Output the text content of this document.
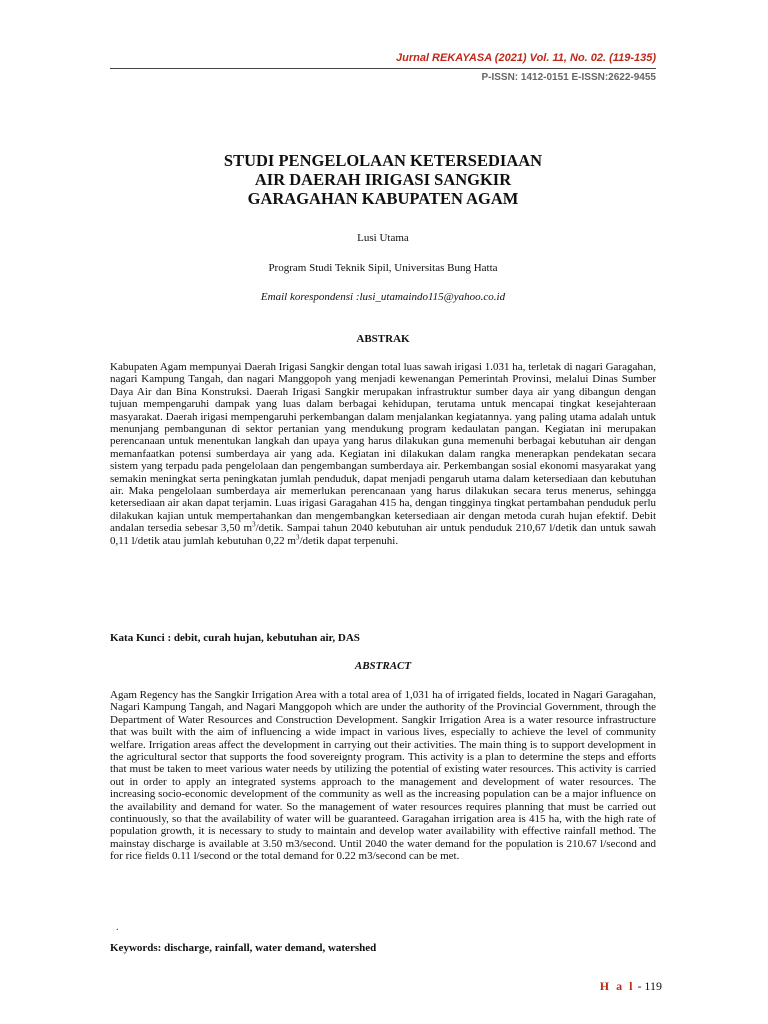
Jurnal REKAYASA (2021) Vol. 11, No. 02. (119-135)
P-ISSN: 1412-0151 E-ISSN:2622-9455
STUDI PENGELOLAAN KETERSEDIAAN
AIR DAERAH IRIGASI SANGKIR
GARAGAHAN KABUPATEN AGAM
Lusi Utama
Program Studi Teknik Sipil, Universitas Bung Hatta
Email korespondensi :lusi_utamaindo115@yahoo.co.id
ABSTRAK

Kabupaten Agam mempunyai Daerah Irigasi Sangkir dengan total luas sawah irigasi 1.031 ha, terletak di nagari Garagahan, nagari Kampung Tangah, dan nagari Manggopoh yang menjadi kewenangan Pemerintah Provinsi, melalui Dinas Sumber Daya Air dan Bina Konstruksi. Daerah Irigasi Sangkir merupakan infrastruktur sumber daya air yang dibangun dengan tujuan mempengaruhi dampak yang luas dalam berbagai kehidupan, terutama untuk mencapai tingkat kesejahteraan masyarakat. Daerah irigasi mempengaruhi perkembangan dalam menjalankan kegiatannya. yang paling utama adalah untuk menunjang pembangunan di sektor pertanian yang mendukung program kedaulatan pangan. Kegiatan ini merupakan perencanaan untuk menentukan langkah dan upaya yang harus dilakukan guna memenuhi berbagai kebutuhan air dengan memanfaatkan potensi sumberdaya air yang ada. Kegiatan ini dilakukan dalam rangka menerapkan pendekatan secara sistem yang terpadu pada pengelolaan dan pengembangan sumberdaya air. Perkembangan sosial ekonomi masyarakat yang semakin meningkat serta peningkatan jumlah penduduk, dapat menjadi pengaruh utama dalam ketersediaan dan kebutuhan air. Maka pengelolaan sumberdaya air memerlukan perencanaan yang harus dilakukan secara terus menerus, sehingga ketersediaan air akan dapat terjamin. Luas irigasi Garagahan 415 ha, dengan tingginya tingkat pertambahan penduduk perlu dilakukan kajian untuk mempertahankan dan mengembangkan ketersediaan air dengan metoda curah hujan efektif. Debit andalan tersedia sebesar 3,50 $m^3$/detik. Sampai tahun 2040 kebutuhan air untuk penduduk 210,67 l/detik dan untuk sawah 0,11 l/detik atau jumlah kebutuhan 0,22 $m^3$/detik dapat terpenuhi.

Kata Kunci : debit, curah hujan, kebutuhan air, DAS
ABSTRACT

Agam Regency has the Sangkir Irrigation Area with a total area of 1,031 ha of irrigated fields, located in Nagari Garagahan, Nagari Kampung Tangah, and Nagari Manggopoh which are under the authority of the Provincial Government, through the Department of Water Resources and Construction Development. Sangkir Irrigation Area is a water resource infrastructure that was built with the aim of influencing a wide impact in various lives, especially to achieve the level of community welfare. Irrigation areas affect the development in carrying out their activities. The main thing is to support development in the agricultural sector that supports the food sovereignty program. This activity is a plan to determine the steps and efforts that must be taken to meet various water needs by utilizing the potential of existing water resources. This activity is carried out in order to apply an integrated systems approach to the management and development of water resources. The increasing socio-economic development of the community as well as the increasing population can be a major influence on the availability and demand for water. So the management of water resources requires planning that must be carried out continuously, so that the availability of water will be guaranteed. Garagahan irrigation area is 415 ha, with the high rate of population growth, it is necessary to study to maintain and develop water availability with effective rainfall method. The mainstay discharge is available at 3.50 m3/second. Until 2040 the water demand for the population is 210.67 l/second and for rice fields 0.11 l/second or the total demand for 0.22 m3/second can be met.

.
Keywords: discharge, rainfall, water demand, watershed
H a l - 119
